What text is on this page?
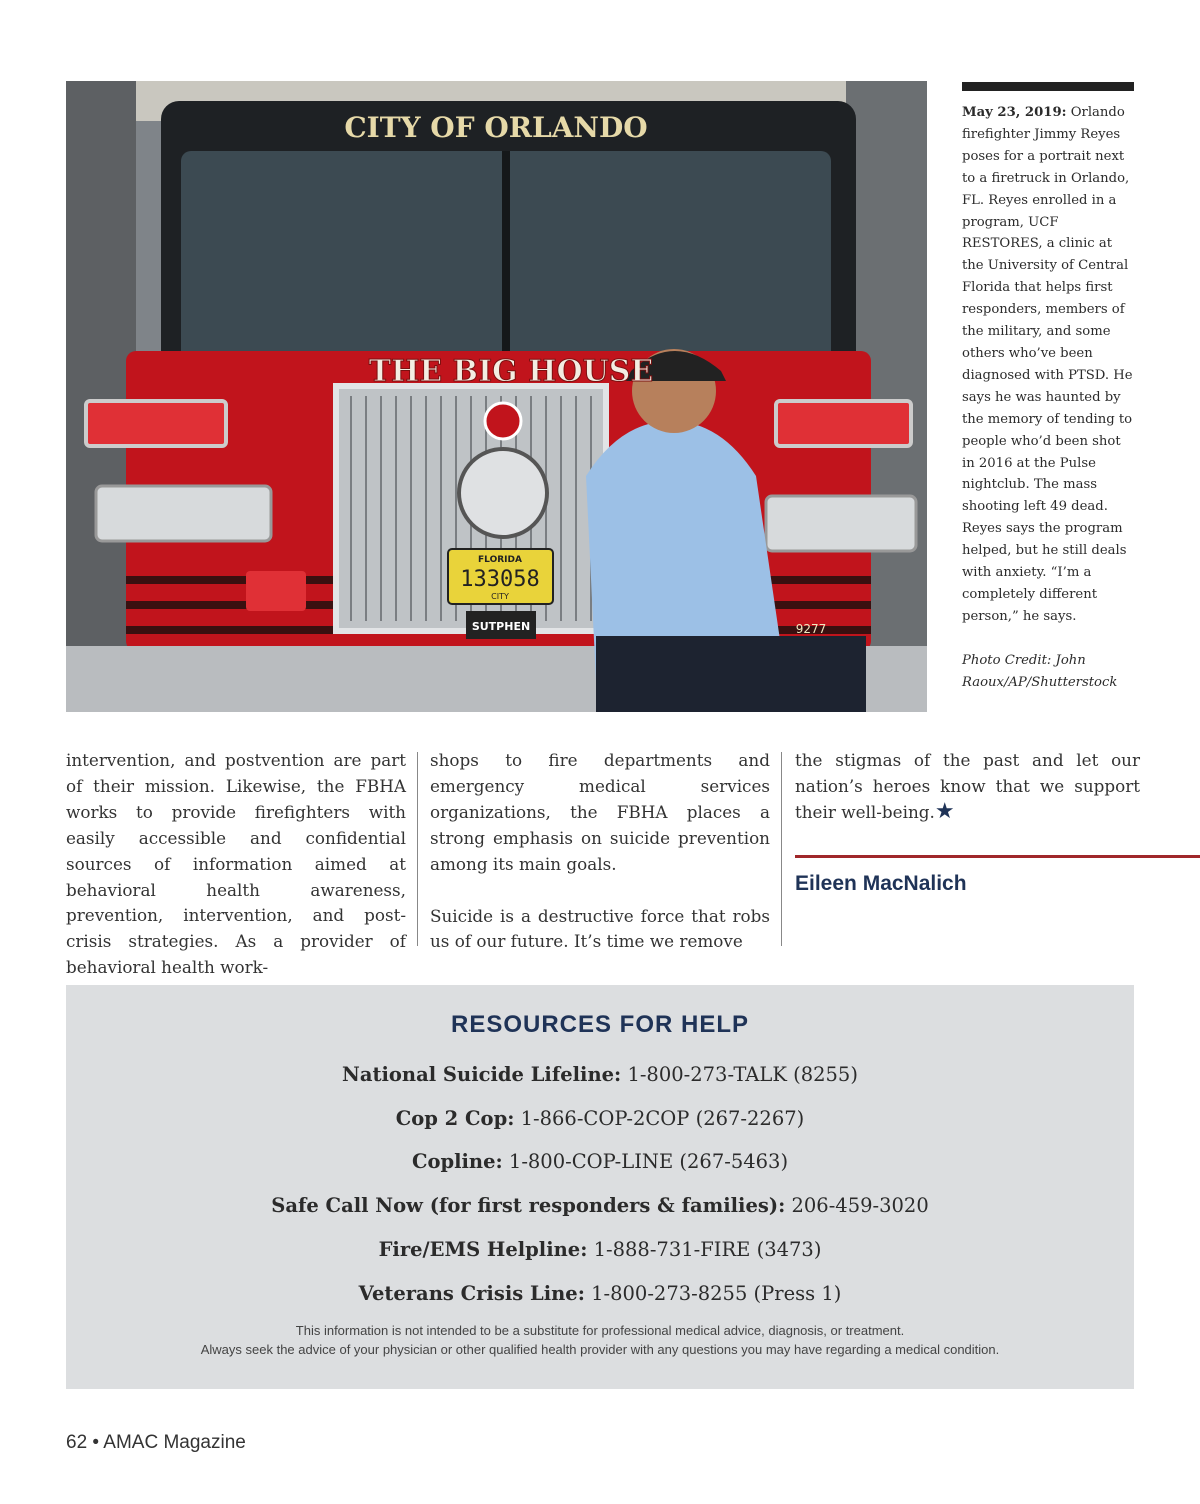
CITY OF ORLANDO
THE BIG HOUSE
FLORIDA
133058
CITY
SUTPHEN	9277
May 23, 2019: Orlando firefighter Jimmy Reyes poses for a portrait next to a firetruck in Orlando, FL. Reyes enrolled in a program, UCF RESTORES, a clinic at the University of Central Florida that helps first responders, members of the military, and some others who’ve been diagnosed with PTSD. He says he was haunted by the memory of tending to people who’d been shot in 2016 at the Pulse nightclub. The mass shooting left 49 dead. Reyes says the program helped, but he still deals with anxiety. “I’m a completely different person,” he says.
Photo Credit: John Raoux/AP/Shutterstock

intervention, and postvention are part of their mission. Likewise, the FBHA works to provide firefighters with easily accessible and confidential sources of information aimed at behavioral health awareness, prevention, intervention, and post-crisis strategies. As a provider of behavioral health work-

shops to fire departments and emergency medical services organizations, the FBHA places a strong emphasis on suicide prevention among its main goals.

Suicide is a destructive force that robs us of our future. It’s time we remove

the stigmas of the past and let our nation’s heroes know that we support their well-being.★

Eileen MacNalich
RESOURCES FOR HELP
National Suicide Lifeline: 1-800-273-TALK (8255)
Cop 2 Cop: 1-866-COP-2COP (267-2267)
Copline: 1-800-COP-LINE (267-5463)
Safe Call Now (for first responders & families): 206-459-3020
Fire/EMS Helpline: 1-888-731-FIRE (3473)
Veterans Crisis Line: 1-800-273-8255 (Press 1)
This information is not intended to be a substitute for professional medical advice, diagnosis, or treatment.
Always seek the advice of your physician or other qualified health provider with any questions you may have regarding a medical condition.
62 • AMAC Magazine
